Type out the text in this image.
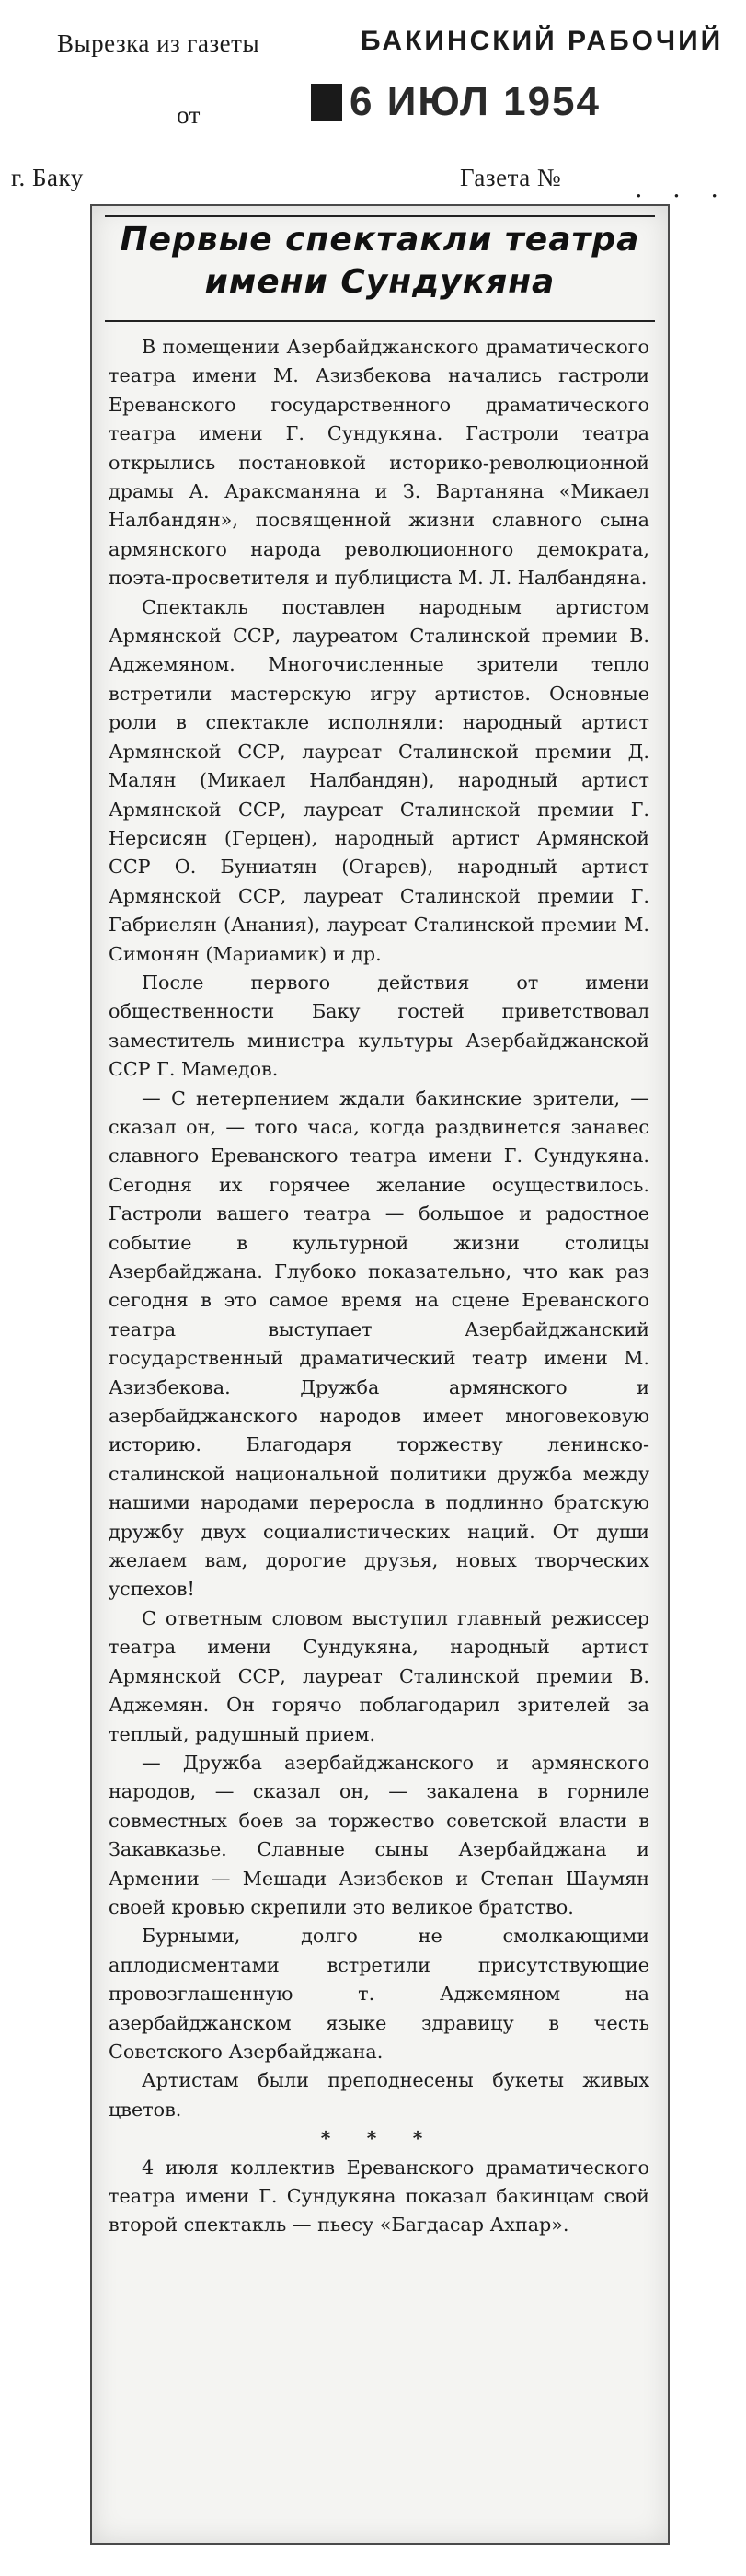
Вырезка из газеты	БАКИНСКИЙ РАБОЧИЙ
от	6 ИЮЛ 1954
г. Баку	Газета №	. . .
Первые спектакли театра
имени Сундукяна

В помещении Азербайджанского драматического театра имени М. Азизбекова начались гастроли Ереванского государственного драматического театра имени Г. Сундукяна. Гастроли театра открылись постановкой историко-революционной драмы А. Араксманяна и З. Вартаняна «Микаел Налбандян», посвященной жизни славного сына армянского народа революционного демократа, поэта-просветителя и публициста М. Л. Налбандяна.

Спектакль поставлен народным артистом Армянской ССР, лауреатом Сталинской премии В. Аджемяном. Многочисленные зрители тепло встретили мастерскую игру артистов. Основные роли в спектакле исполняли: народный артист Армянской ССР, лауреат Сталинской премии Д. Малян (Микаел Налбандян), народный артист Армянской ССР, лауреат Сталинской премии Г. Нерсисян (Герцен), народный артист Армянской ССР О. Буниатян (Огарев), народный артист Армянской ССР, лауреат Сталинской премии Г. Габриелян (Анания), лауреат Сталинской премии М. Симонян (Мариамик) и др.

После первого действия от имени общественности Баку гостей приветствовал заместитель министра культуры Азербайджанской ССР Г. Мамедов.

— С нетерпением ждали бакинские зрители, — сказал он, — того часа, когда раздвинется занавес славного Ереванского театра имени Г. Сундукяна. Сегодня их горячее желание осуществилось. Гастроли вашего театра — большое и радостное событие в культурной жизни столицы Азербайджана. Глубоко показательно, что как раз сегодня в это самое время на сцене Ереванского театра выступает Азербайджанский государственный драматический театр имени М. Азизбекова. Дружба армянского и азербайджанского народов имеет многовековую историю. Благодаря торжеству ленинско-сталинской национальной политики дружба между нашими народами переросла в подлинно братскую дружбу двух социалистических наций. От души желаем вам, дорогие друзья, новых творческих успехов!

С ответным словом выступил главный режиссер театра имени Сундукяна, народный артист Армянской ССР, лауреат Сталинской премии В. Аджемян. Он горячо поблагодарил зрителей за теплый, радушный прием.

— Дружба азербайджанского и армянского народов, — сказал он, — закалена в горниле совместных боев за торжество советской власти в Закавказье. Славные сыны Азербайджана и Армении — Мешади Азизбеков и Степан Шаумян своей кровью скрепили это великое братство.

Бурными, долго не смолкающими аплодисментами встретили присутствующие провозглашенную т. Аджемяном на азербайджанском языке здравицу в честь Советского Азербайджана.

Артистам были преподнесены букеты живых цветов.

* * *

4 июля коллектив Ереванского драматического театра имени Г. Сундукяна показал бакинцам свой второй спектакль — пьесу «Багдасар Ахпар».
